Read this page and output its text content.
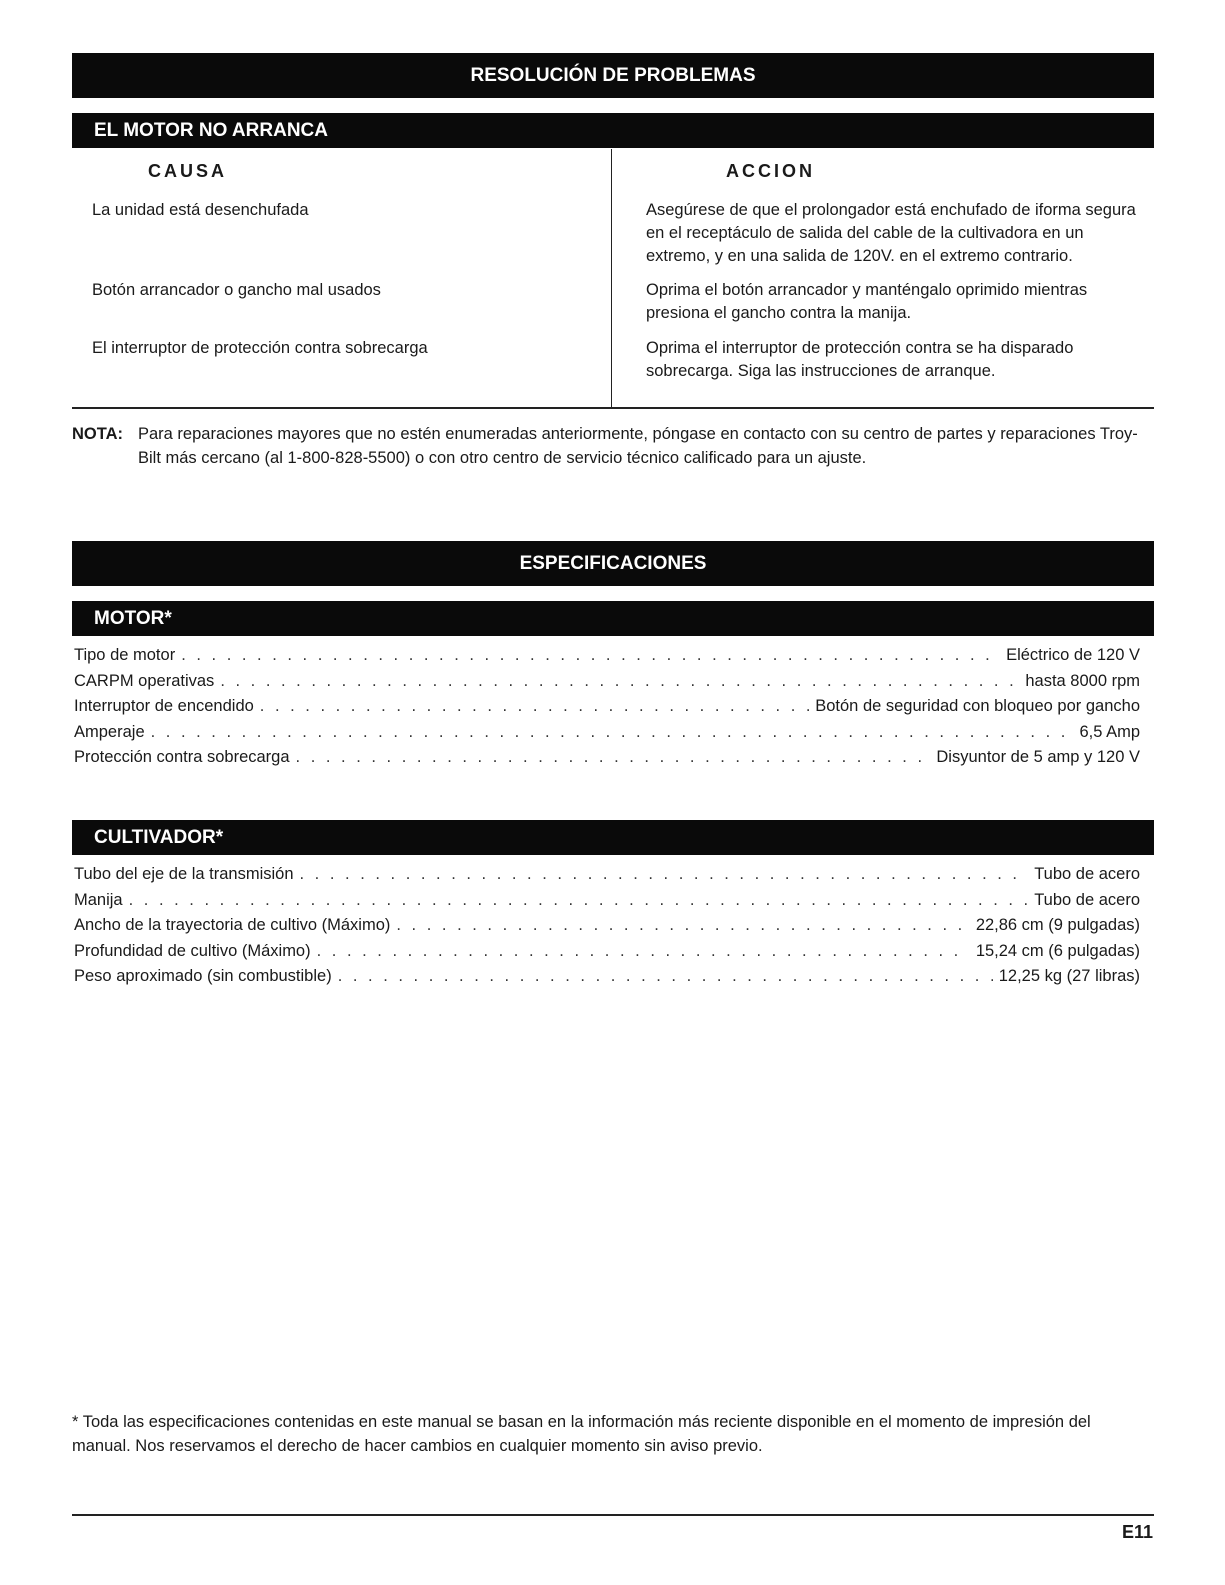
RESOLUCIÓN DE PROBLEMAS
EL MOTOR NO ARRANCA
CAUSA	ACCION
La unidad está desenchufada	Asegúrese de que el prolongador está enchufado de iforma segura en el receptáculo de salida del cable de la cultivadora en un extremo, y en una salida de 120V. en el extremo contrario.
Botón arrancador o gancho mal usados	Oprima el botón arrancador y manténgalo oprimido mientras presiona el gancho contra la manija.
El interruptor de protección contra sobrecarga	Oprima el interruptor de protección contra se ha disparado sobrecarga. Siga las instrucciones de arranque.
NOTA: Para reparaciones mayores que no estén enumeradas anteriormente, póngase en contacto con su centro de partes y reparaciones Troy-Bilt más cercano (al 1-800-828-5500) o con otro centro de servicio técnico calificado para un ajuste.
ESPECIFICACIONES
MOTOR*
Tipo de motor . . .	Eléctrico de 120 V
CARPM operativas . . .	hasta 8000 rpm
Interruptor de encendido . . .	Botón de seguridad con bloqueo por gancho
Amperaje . . .	6,5 Amp
Protección contra sobrecarga . . .	Disyuntor de 5 amp y 120 V
CULTIVADOR*
Tubo del eje de la transmisión . . .	Tubo de acero
Manija . . .	Tubo de acero
Ancho de la trayectoria de cultivo (Máximo) . . .	22,86 cm (9 pulgadas)
Profundidad de cultivo (Máximo) . . .	15,24 cm (6 pulgadas)
Peso aproximado (sin combustible) . . .	12,25 kg (27 libras)
* Toda las especificaciones contenidas en este manual se basan en la información más reciente disponible en el momento de impresión del manual. Nos reservamos el derecho de hacer cambios en cualquier momento sin aviso previo.
E11
